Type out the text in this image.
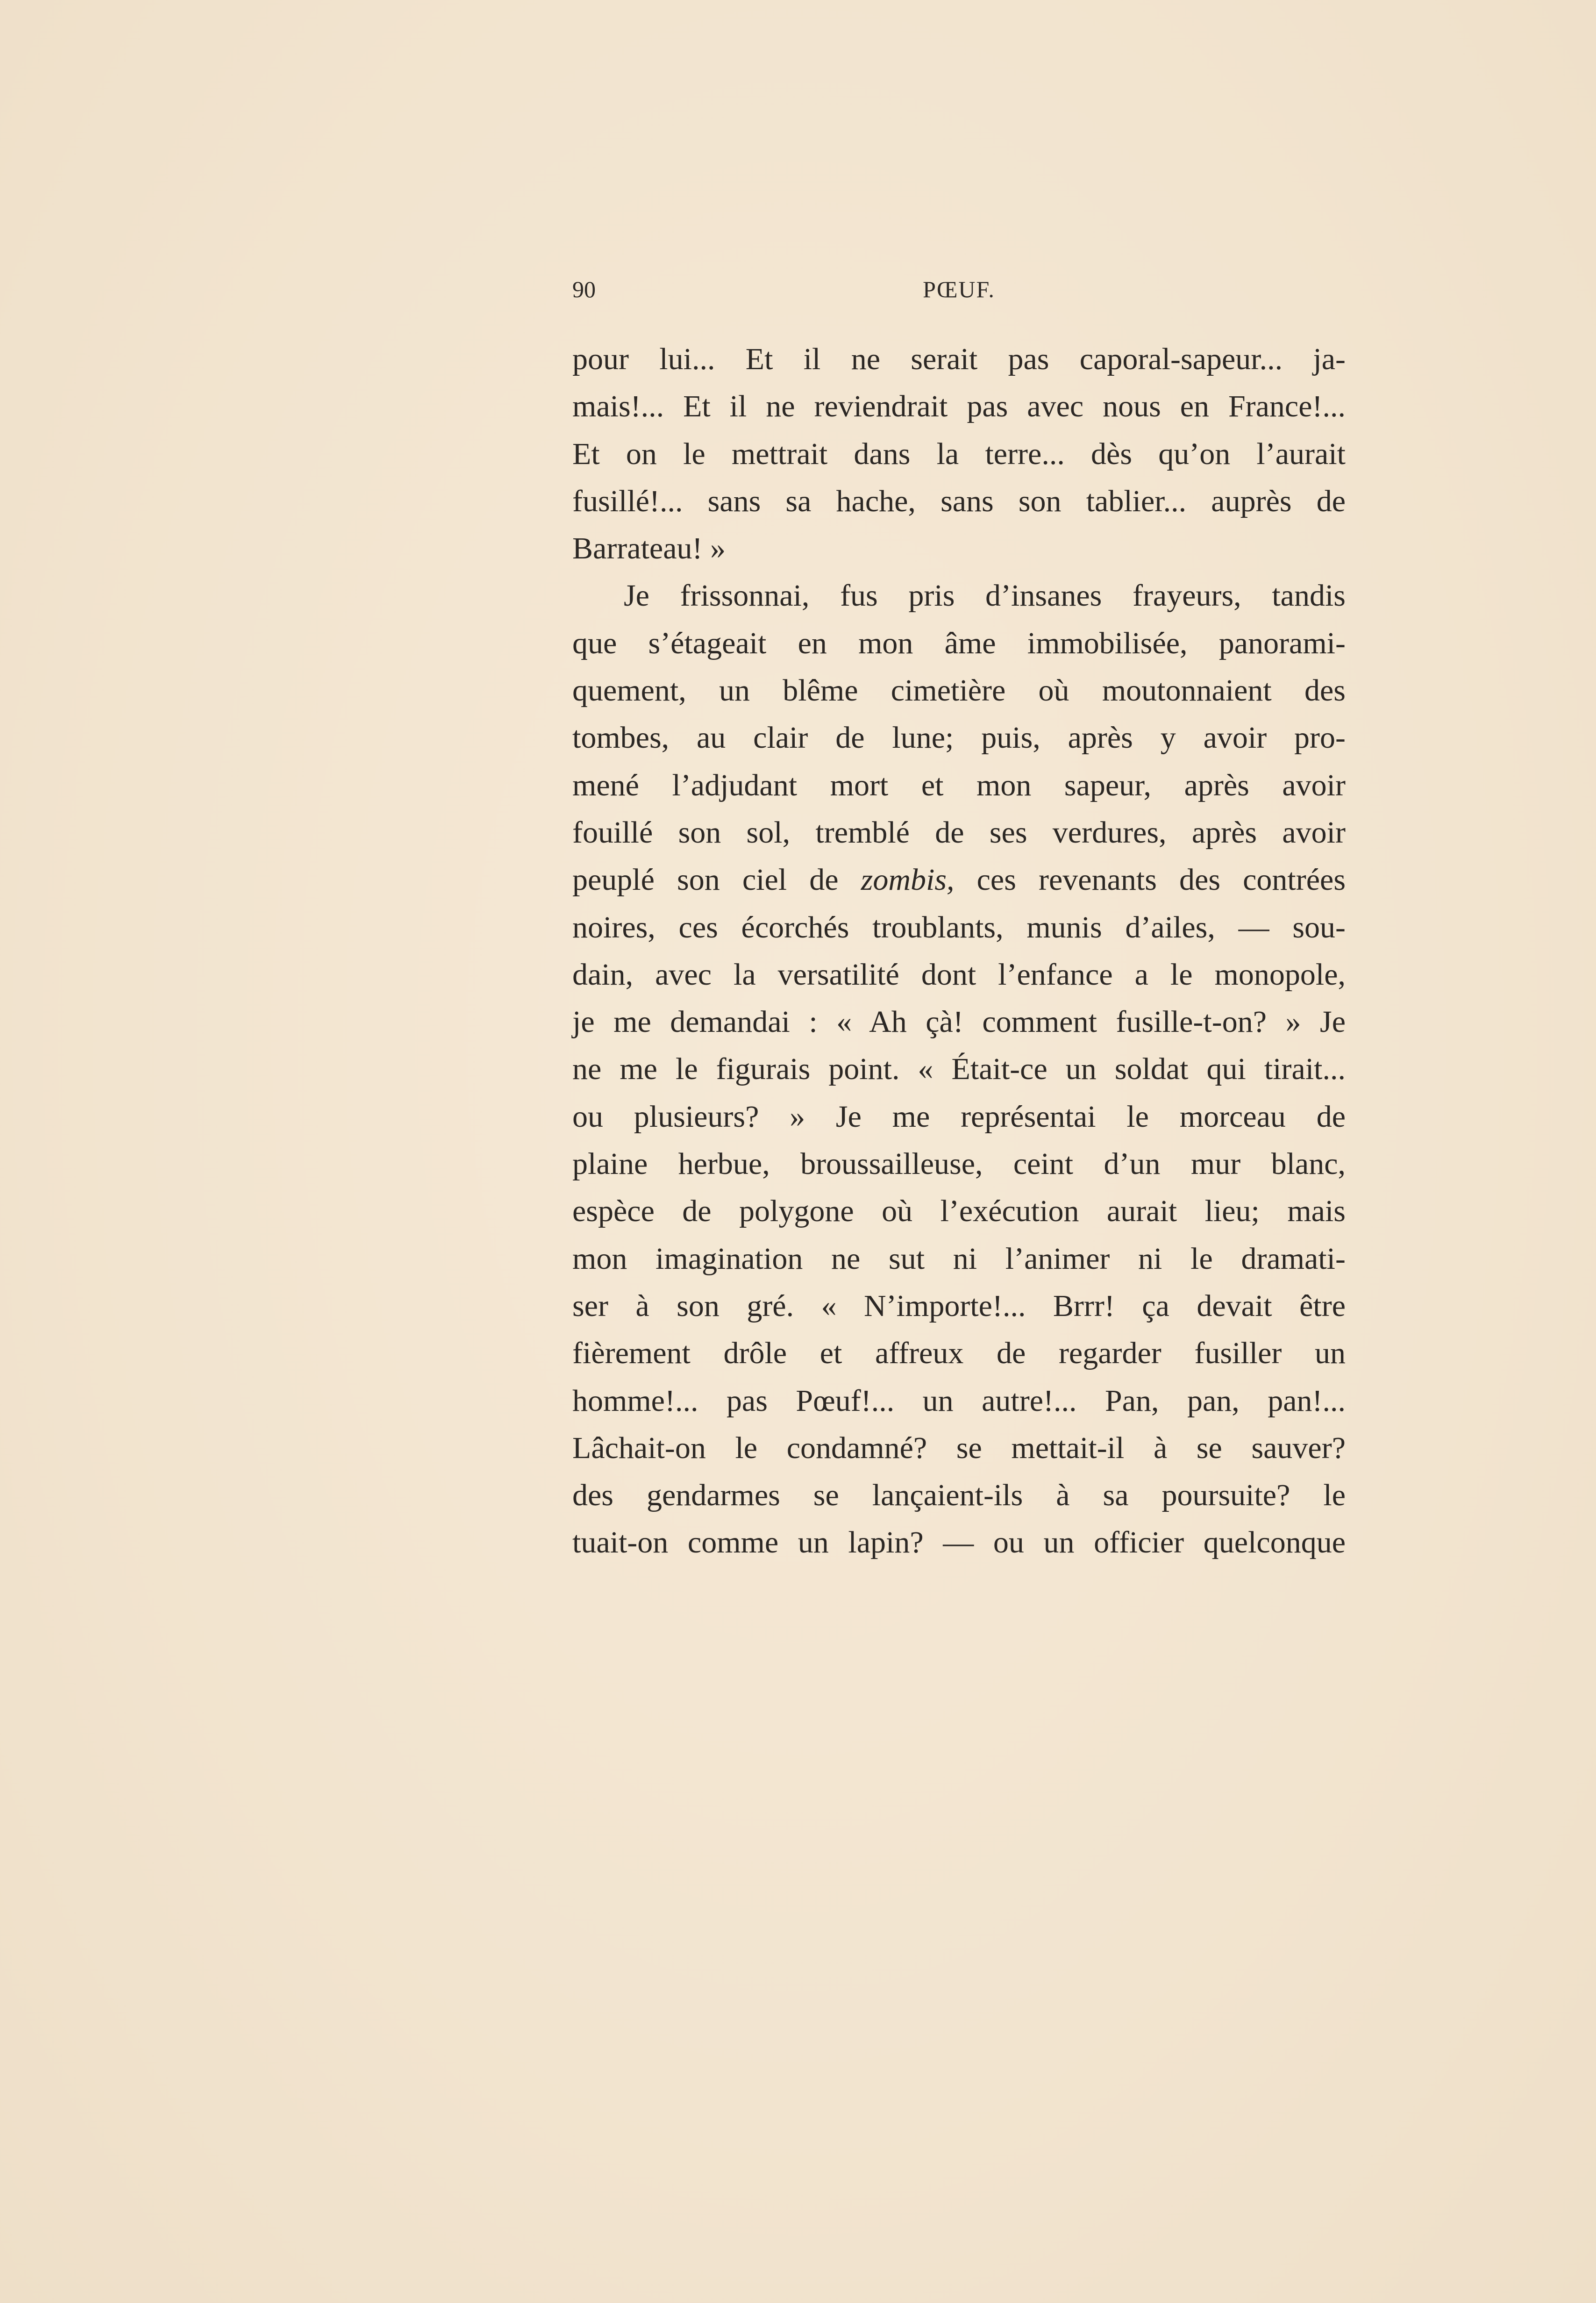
90	PŒUF.
pour lui... Et il ne serait pas caporal-sapeur... ja-
mais!... Et il ne reviendrait pas avec nous en France!...
Et on le mettrait dans la terre... dès qu’on l’aurait
fusillé!... sans sa hache, sans son tablier... auprès de
Barrateau! »
Je frissonnai, fus pris d’insanes frayeurs, tandis
que s’étageait en mon âme immobilisée, panorami-
quement, un blême cimetière où moutonnaient des
tombes, au clair de lune; puis, après y avoir pro-
mené l’adjudant mort et mon sapeur, après avoir
fouillé son sol, tremblé de ses verdures, après avoir
peuplé son ciel de zombis, ces revenants des contrées
noires, ces écorchés troublants, munis d’ailes, — sou-
dain, avec la versatilité dont l’enfance a le monopole,
je me demandai : « Ah çà! comment fusille-t-on? » Je
ne me le figurais point. « Était-ce un soldat qui tirait...
ou plusieurs? » Je me représentai le morceau de
plaine herbue, broussailleuse, ceint d’un mur blanc,
espèce de polygone où l’exécution aurait lieu; mais
mon imagination ne sut ni l’animer ni le dramati-
ser à son gré. « N’importe!... Brrr! ça devait être
fièrement drôle et affreux de regarder fusiller un
homme!... pas Pœuf!... un autre!... Pan, pan, pan!...
Lâchait-on le condamné? se mettait-il à se sauver?
des gendarmes se lançaient-ils à sa poursuite? le
tuait-on comme un lapin? — ou un officier quelconque
